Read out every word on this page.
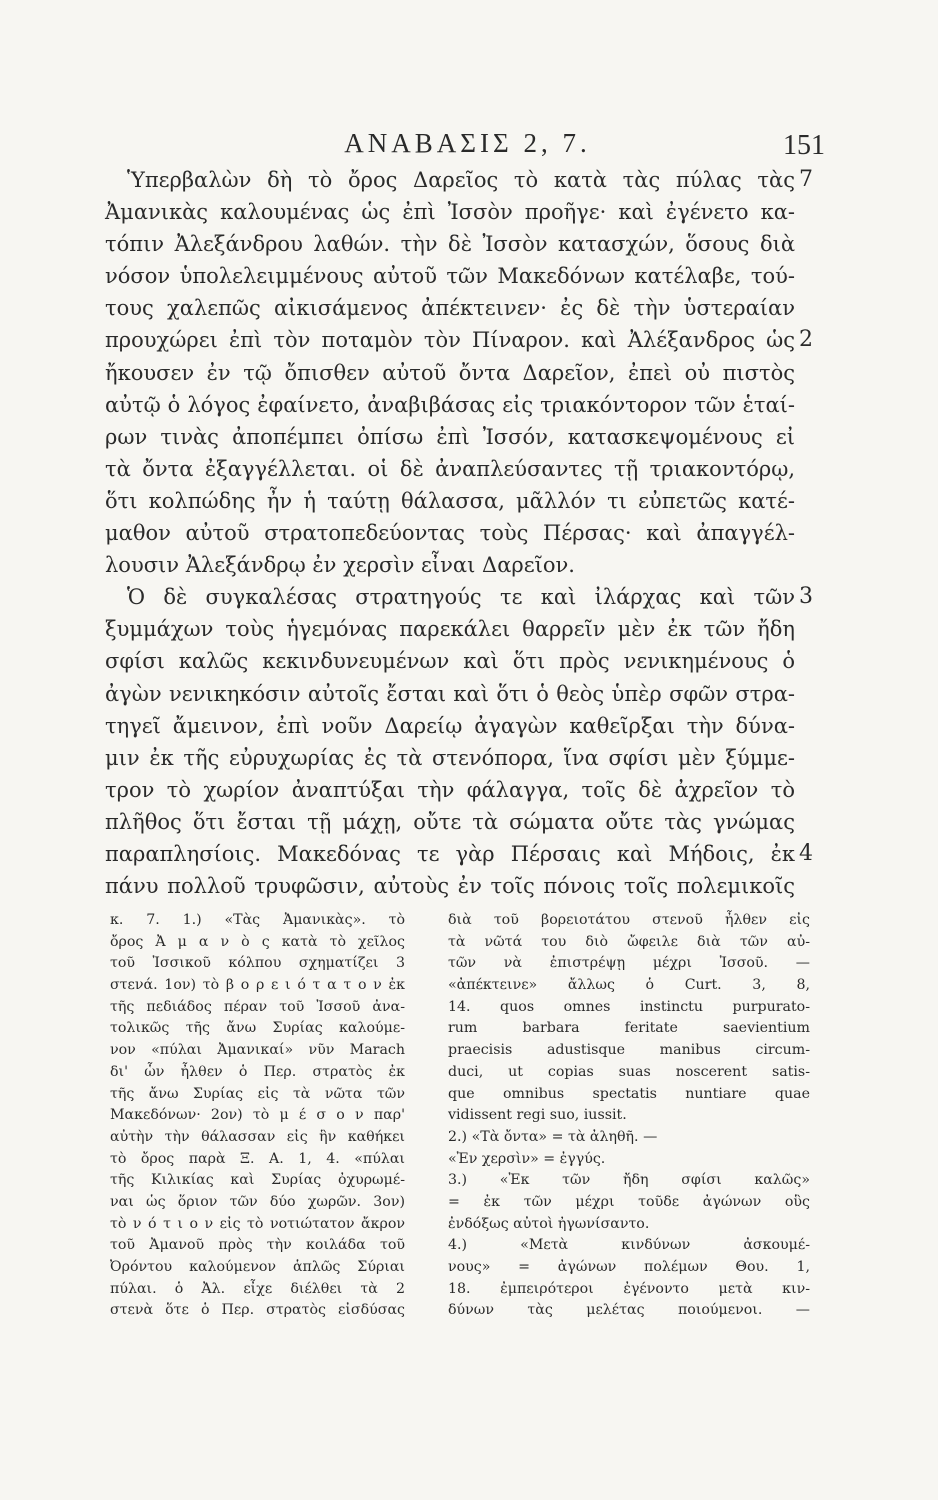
ΑΝΑΒΑΣΙΣ 2, 7.	151
Ὑπερβαλὼν δὴ τὸ ὄρος Δαρεῖος τὸ κατὰ τὰς πύλας τὰς 7
Ἀμανικὰς καλουμένας ὡς ἐπὶ Ἰσσὸν προῆγε· καὶ ἐγένετο κα-
τόπιν Ἀλεξάνδρου λαθών. τὴν δὲ Ἰσσὸν κατασχών, ὅσους διὰ
νόσον ὑπολελειμμένους αὐτοῦ τῶν Μακεδόνων κατέλαβε, τού-
τους χαλεπῶς αἰκισάμενος ἀπέκτεινεν· ἐς δὲ τὴν ὑστεραίαν
προυχώρει ἐπὶ τὸν ποταμὸν τὸν Πίναρον. καὶ Ἀλέξανδρος ὡς 2
ἤκουσεν ἐν τῷ ὄπισθεν αὐτοῦ ὄντα Δαρεῖον, ἐπεὶ οὐ πιστὸς
αὐτῷ ὁ λόγος ἐφαίνετο, ἀναβιβάσας εἰς τριακόντορον τῶν ἑταί-
ρων τινὰς ἀποπέμπει ὀπίσω ἐπὶ Ἰσσόν, κατασκεψομένους εἰ
τὰ ὄντα ἐξαγγέλλεται. οἱ δὲ ἀναπλεύσαντες τῇ τριακοντόρῳ,
ὅτι κολπώδης ἦν ἡ ταύτῃ θάλασσα, μᾶλλόν τι εὐπετῶς κατέ-
μαθον αὐτοῦ στρατοπεδεύοντας τοὺς Πέρσας· καὶ ἀπαγγέλ-
λουσιν Ἀλεξάνδρῳ ἐν χερσὶν εἶναι Δαρεῖον.
Ὁ δὲ συγκαλέσας στρατηγούς τε καὶ ἰλάρχας καὶ τῶν 3
ξυμμάχων τοὺς ἡγεμόνας παρεκάλει θαρρεῖν μὲν ἐκ τῶν ἤδη
σφίσι καλῶς κεκινδυνευμένων καὶ ὅτι πρὸς νενικημένους ὁ
ἀγὼν νενικηκόσιν αὐτοῖς ἔσται καὶ ὅτι ὁ θεὸς ὑπὲρ σφῶν στρα-
τηγεῖ ἄμεινον, ἐπὶ νοῦν Δαρείῳ ἀγαγὼν καθεῖρξαι τὴν δύνα-
μιν ἐκ τῆς εὐρυχωρίας ἐς τὰ στενόπορα, ἵνα σφίσι μὲν ξύμμε-
τρον τὸ χωρίον ἀναπτύξαι τὴν φάλαγγα, τοῖς δὲ ἀχρεῖον τὸ
πλῆθος ὅτι ἔσται τῇ μάχῃ, οὔτε τὰ σώματα οὔτε τὰς γνώμας
παραπλησίοις. Μακεδόνας τε γὰρ Πέρσαις καὶ Μήδοις, ἐκ 4
πάνυ πολλοῦ τρυφῶσιν, αὐτοὺς ἐν τοῖς πόνοις τοῖς πολεμικοῖς
κ. 7. 1.) «Τὰς Ἀμανικὰς». τὸ
ὄρος Ἀ μ α ν ὸ ς κατὰ τὸ χεῖλος
τοῦ Ἰσσικοῦ κόλπου σχηματίζει 3
στενά. 1ον) τὸ β ο ρ ε ι ό τ α τ ο ν ἐκ
τῆς πεδιάδος πέραν τοῦ Ἰσσοῦ ἀνα-
τολικῶς τῆς ἄνω Συρίας καλούμε-
νον «πύλαι Ἀμανικαί» νῦν Marach
δι' ὧν ἦλθεν ὁ Περ. στρατὸς ἐκ
τῆς ἄνω Συρίας εἰς τὰ νῶτα τῶν
Μακεδόνων· 2ον) τὸ μ έ σ ο ν παρ'
αὐτὴν τὴν θάλασσαν εἰς ἣν καθήκει
τὸ ὄρος παρὰ Ξ. Α. 1, 4. «πύλαι
τῆς Κιλικίας καὶ Συρίας ὀχυρωμέ-
ναι ὡς ὅριον τῶν δύο χωρῶν. 3ον)
τὸ ν ό τ ι ο ν εἰς τὸ νοτιώτατον ἄκρον
τοῦ Ἀμανοῦ πρὸς τὴν κοιλάδα τοῦ
Ὀρόντου καλούμενον ἁπλῶς Σύριαι
πύλαι. ὁ Ἀλ. εἶχε διέλθει τὰ 2
στενὰ ὅτε ὁ Περ. στρατὸς εἰσδύσας
διὰ τοῦ βορειοτάτου στενοῦ ἦλθεν εἰς
τὰ νῶτά του διὸ ὤφειλε διὰ τῶν αὐ-
τῶν νὰ ἐπιστρέψῃ μέχρι Ἰσσοῦ. —
«ἀπέκτεινε» ἄλλως ὁ Curt. 3, 8,
14. quos omnes instinctu purpurato-
rum barbara feritate saevientium
praecisis adustisque manibus circum-
duci, ut copias suas noscerent satis-
que omnibus spectatis nuntiare quae
vidissent regi suo, iussit.
2.) «Τὰ ὄντα» = τὰ ἀληθῆ. —
«Ἐν χερσὶν» = ἐγγύς.
3.) «Ἐκ τῶν ἤδη σφίσι καλῶς»
= ἐκ τῶν μέχρι τοῦδε ἀγώνων οὓς
ἐνδόξως αὐτοὶ ἠγωνίσαντο.
4.) «Μετὰ κινδύνων ἀσκουμέ-
νους» = ἀγώνων πολέμων Θου. 1,
18. ἐμπειρότεροι ἐγένοντο μετὰ κιν-
δύνων τὰς μελέτας ποιούμενοι. —
